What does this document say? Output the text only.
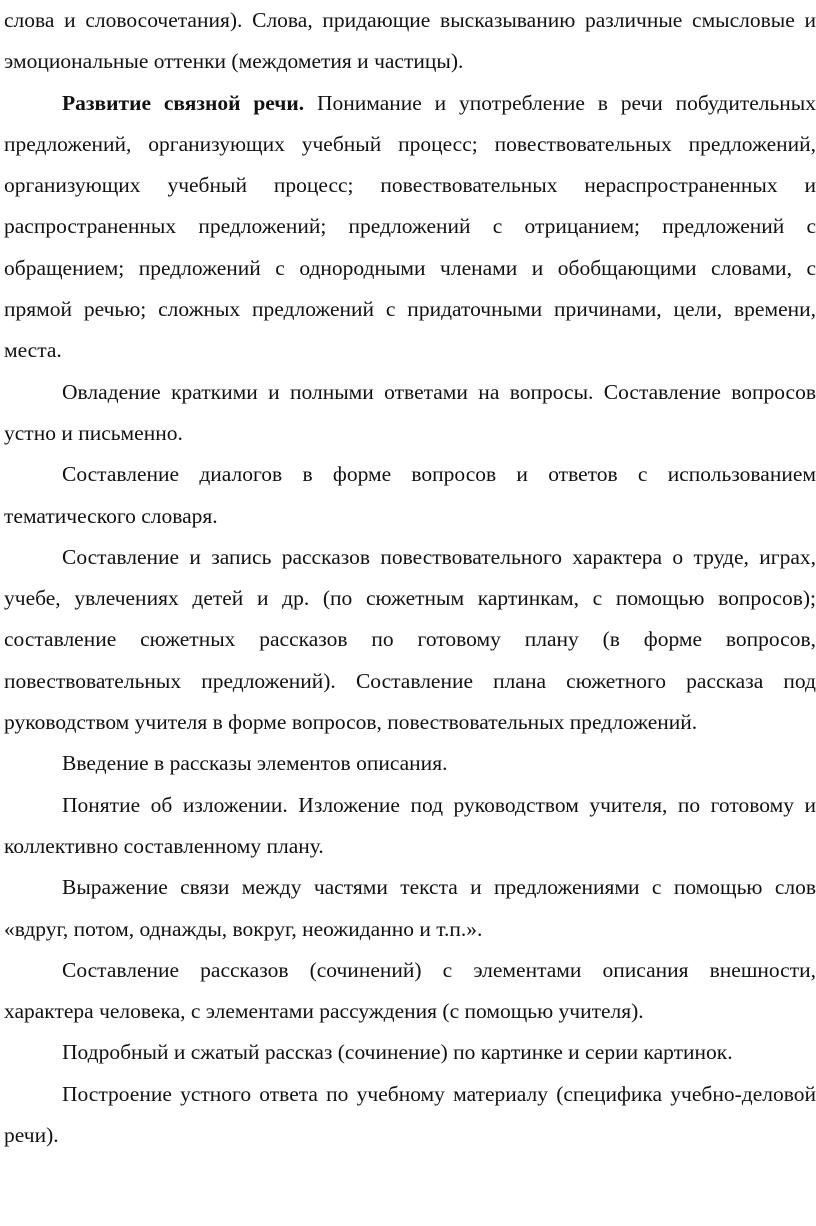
слова и словосочетания). Слова, придающие высказыванию различные смысловые и эмоциональные оттенки (междометия и частицы).

Развитие связной речи. Понимание и употребление в речи побудительных предложений, организующих учебный процесс; повествовательных предложений, организующих учебный процесс; повествовательных нераспространенных и распространенных предложений; предложений с отрицанием; предложений с обращением; предложений с однородными членами и обобщающими словами, с прямой речью; сложных предложений с придаточными причинами, цели, времени, места.

Овладение краткими и полными ответами на вопросы. Составление вопросов устно и письменно.

Составление диалогов в форме вопросов и ответов с использованием тематического словаря.

Составление и запись рассказов повествовательного характера о труде, играх, учебе, увлечениях детей и др. (по сюжетным картинкам, с помощью вопросов); составление сюжетных рассказов по готовому плану (в форме вопросов, повествовательных предложений). Составление плана сюжетного рассказа под руководством учителя в форме вопросов, повествовательных предложений.

Введение в рассказы элементов описания.

Понятие об изложении. Изложение под руководством учителя, по готовому и коллективно составленному плану.

Выражение связи между частями текста и предложениями с помощью слов «вдруг, потом, однажды, вокруг, неожиданно и т.п.».

Составление рассказов (сочинений) с элементами описания внешности, характера человека, с элементами рассуждения (с помощью учителя).

Подробный и сжатый рассказ (сочинение) по картинке и серии картинок.

Построение устного ответа по учебному материалу (специфика учебно-деловой речи).
